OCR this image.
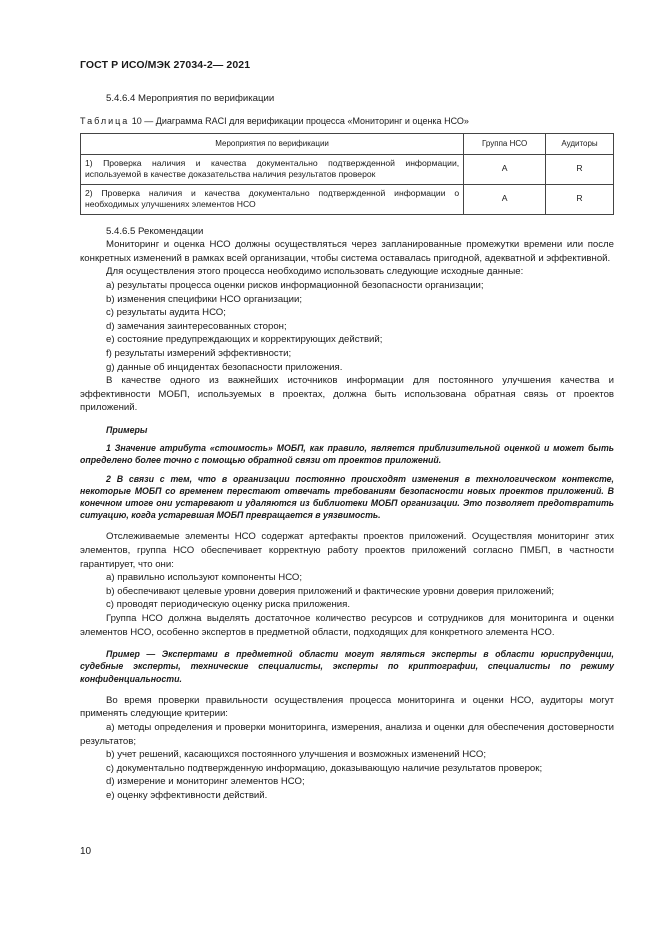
ГОСТ Р ИСО/МЭК 27034-2— 2021

5.4.6.4 Мероприятия по верификации

Таблица 10 — Диаграмма RACI для верификации процесса «Мониторинг и оценка НСО»

Мероприятия по верификации	Группа НСО	Аудиторы
1) Проверка наличия и качества документально подтвержденной информации, используемой в качестве доказательства наличия результатов проверок	A	R
2) Проверка наличия и качества документально подтвержденной информации о необходимых улучшениях элементов НСО	A	R

5.4.6.5 Рекомендации

Мониторинг и оценка НСО должны осуществляться через запланированные промежутки времени или после конкретных изменений в рамках всей организации, чтобы система оставалась пригодной, адекватной и эффективной.

Для осуществления этого процесса необходимо использовать следующие исходные данные:

a) результаты процесса оценки рисков информационной безопасности организации;

b) изменения специфики НСО организации;

c) результаты аудита НСО;

d) замечания заинтересованных сторон;

e) состояние предупреждающих и корректирующих действий;

f) результаты измерений эффективности;

g) данные об инцидентах безопасности приложения.

В качестве одного из важнейших источников информации для постоянного улучшения качества и эффективности МОБП, используемых в проектах, должна быть использована обратная связь от проектов приложений.

Примеры

1 Значение атрибута «стоимость» МОБП, как правило, является приблизительной оценкой и может быть определено более точно с помощью обратной связи от проектов приложений.

2 В связи с тем, что в организации постоянно происходят изменения в технологическом контексте, некоторые МОБП со временем перестают отвечать требованиям безопасности новых проектов приложений. В конечном итоге они устаревают и удаляются из библиотеки МОБП организации. Это позволяет предотвратить ситуацию, когда устаревшая МОБП превращается в уязвимость.

Отслеживаемые элементы НСО содержат артефакты проектов приложений. Осуществляя мониторинг этих элементов, группа НСО обеспечивает корректную работу проектов приложений согласно ПМБП, в частности гарантирует, что они:

a) правильно используют компоненты НСО;

b) обеспечивают целевые уровни доверия приложений и фактические уровни доверия приложений;

c) проводят периодическую оценку риска приложения.

Группа НСО должна выделять достаточное количество ресурсов и сотрудников для мониторинга и оценки элементов НСО, особенно экспертов в предметной области, подходящих для конкретного элемента НСО.

Пример — Экспертами в предметной области могут являться эксперты в области юриспруденции, судебные эксперты, технические специалисты, эксперты по криптографии, специалисты по режиму конфиденциальности.

Во время проверки правильности осуществления процесса мониторинга и оценки НСО, аудиторы могут применять следующие критерии:

a) методы определения и проверки мониторинга, измерения, анализа и оценки для обеспечения достоверности результатов;

b) учет решений, касающихся постоянного улучшения и возможных изменений НСО;

c) документально подтвержденную информацию, доказывающую наличие результатов проверок;

d) измерение и мониторинг элементов НСО;

e) оценку эффективности действий.

10
